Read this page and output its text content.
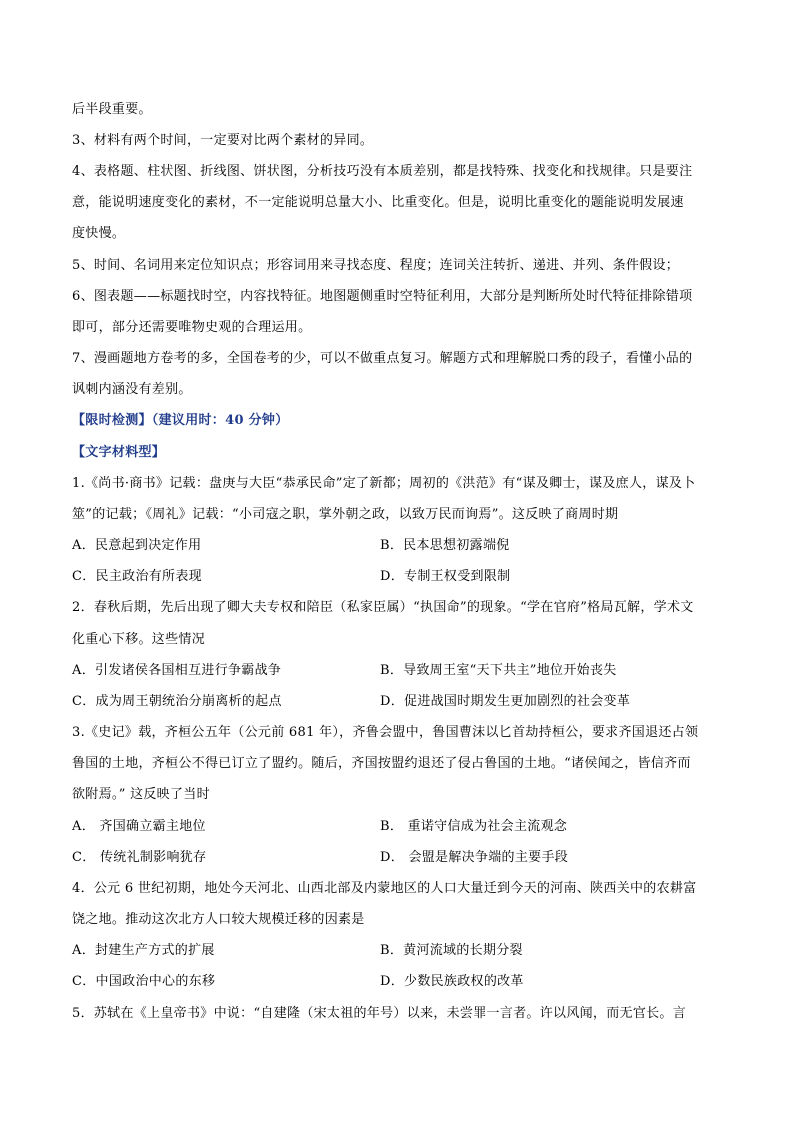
后半段重要。
3、材料有两个时间，一定要对比两个素材的异同。
4、表格题、柱状图、折线图、饼状图，分析技巧没有本质差别，都是找特殊、找变化和找规律。只是要注
意，能说明速度变化的素材，不一定能说明总量大小、比重变化。但是，说明比重变化的题能说明发展速
度快慢。
5、时间、名词用来定位知识点；形容词用来寻找态度、程度；连词关注转折、递进、并列、条件假设；
6、图表题——标题找时空，内容找特征。地图题侧重时空特征利用，大部分是判断所处时代特征排除错项
即可，部分还需要唯物史观的合理运用。
7、漫画题地方卷考的多，全国卷考的少，可以不做重点复习。解题方式和理解脱口秀的段子，看懂小品的
讽刺内涵没有差别。
【限时检测】（建议用时：40 分钟）
【文字材料型】
1.《尚书·商书》记载：盘庚与大臣“恭承民命”定了新都；周初的《洪范》有“谋及卿士，谋及庶人，谋及卜
筮”的记载；《周礼》记载：“小司寇之职，掌外朝之政，以致万民而询焉”。这反映了商周时期
A．民意起到决定作用	B．民本思想初露端倪
C．民主政治有所表现	D．专制王权受到限制
2．春秋后期，先后出现了卿大夫专权和陪臣（私家臣属）“执国命”的现象。“学在官府”格局瓦解，学术文
化重心下移。这些情况
A．引发诸侯各国相互进行争霸战争	B．导致周王室“天下共主”地位开始丧失
C．成为周王朝统治分崩离析的起点	D．促进战国时期发生更加剧烈的社会变革
3.《史记》载，齐桓公五年（公元前 681 年），齐鲁会盟中，鲁国曹沫以匕首劫持桓公，要求齐国退还占领
鲁国的土地，齐桓公不得已订立了盟约。随后，齐国按盟约退还了侵占鲁国的土地。“诸侯闻之，皆信齐而
欲附焉。” 这反映了当时
A． 齐国确立霸主地位	B． 重诺守信成为社会主流观念
C． 传统礼制影响犹存	D． 会盟是解决争端的主要手段
4．公元 6 世纪初期，地处今天河北、山西北部及内蒙地区的人口大量迁到今天的河南、陕西关中的农耕富
饶之地。推动这次北方人口较大规模迁移的因素是
A．封建生产方式的扩展	B．黄河流域的长期分裂
C．中国政治中心的东移	D．少数民族政权的改革
5．苏轼在《上皇帝书》中说：“自建隆（宋太祖的年号）以来，未尝罪一言者。许以风闻，而无官长。言
